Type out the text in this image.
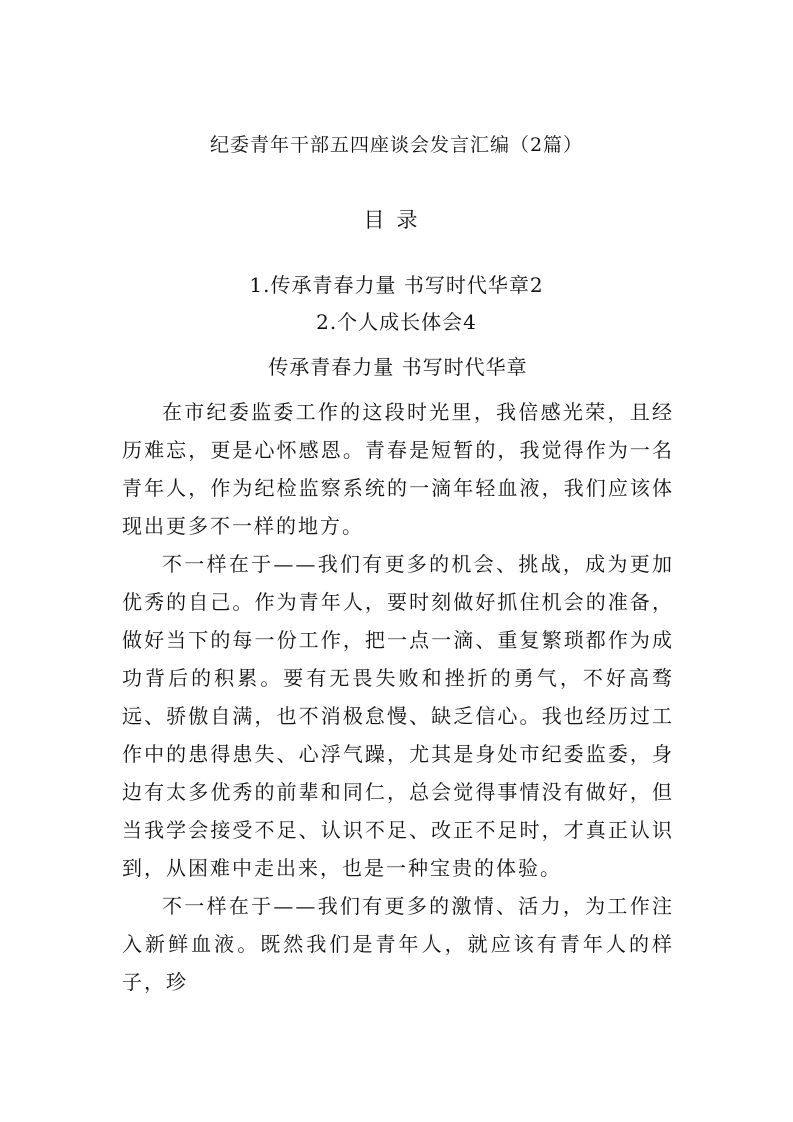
纪委青年干部五四座谈会发言汇编（2篇）
目录
1.传承青春力量 书写时代华章2
2.个人成长体会4
传承青春力量 书写时代华章

在市纪委监委工作的这段时光里，我倍感光荣，且经历难忘，更是心怀感恩。青春是短暂的，我觉得作为一名青年人，作为纪检监察系统的一滴年轻血液，我们应该体现出更多不一样的地方。

不一样在于——我们有更多的机会、挑战，成为更加优秀的自己。作为青年人，要时刻做好抓住机会的准备，做好当下的每一份工作，把一点一滴、重复繁琐都作为成功背后的积累。要有无畏失败和挫折的勇气，不好高骛远、骄傲自满，也不消极怠慢、缺乏信心。我也经历过工作中的患得患失、心浮气躁，尤其是身处市纪委监委，身边有太多优秀的前辈和同仁，总会觉得事情没有做好，但当我学会接受不足、认识不足、改正不足时，才真正认识到，从困难中走出来，也是一种宝贵的体验。

不一样在于——我们有更多的激情、活力，为工作注入新鲜血液。既然我们是青年人，就应该有青年人的样子，珍
